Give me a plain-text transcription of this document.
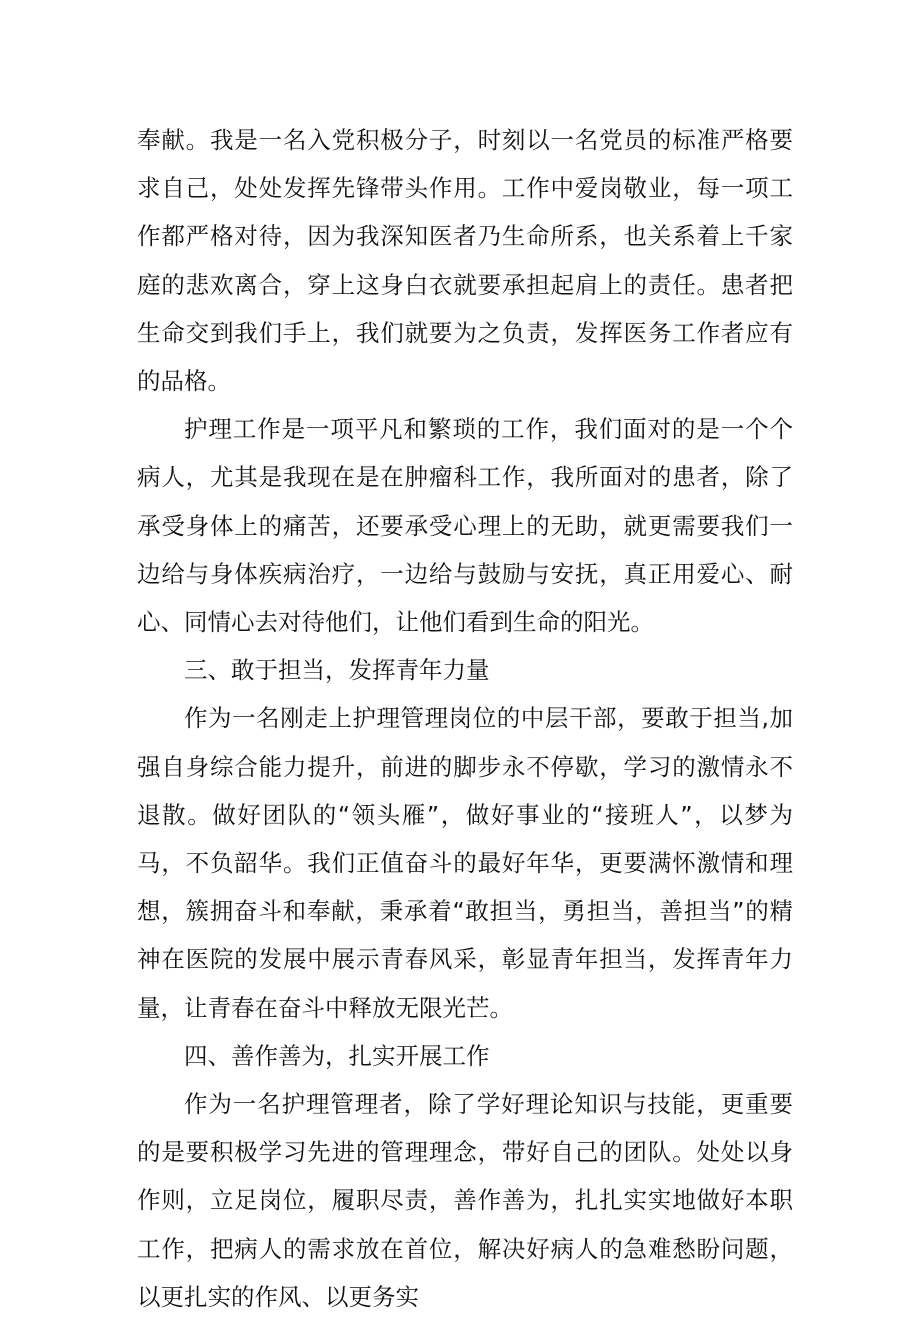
奉献。我是一名入党积极分子，时刻以一名党员的标准严格要求自己，处处发挥先锋带头作用。工作中爱岗敬业，每一项工作都严格对待，因为我深知医者乃生命所系，也关系着上千家庭的悲欢离合，穿上这身白衣就要承担起肩上的责任。患者把生命交到我们手上，我们就要为之负责，发挥医务工作者应有的品格。

护理工作是一项平凡和繁琐的工作，我们面对的是一个个病人，尤其是我现在是在肿瘤科工作，我所面对的患者，除了承受身体上的痛苦，还要承受心理上的无助，就更需要我们一边给与身体疾病治疗，一边给与鼓励与安抚，真正用爱心、耐心、同情心去对待他们，让他们看到生命的阳光。

三、敢于担当，发挥青年力量

作为一名刚走上护理管理岗位的中层干部，要敢于担当,加强自身综合能力提升，前进的脚步永不停歇，学习的激情永不退散。做好团队的“领头雁”，做好事业的“接班人”，以梦为马，不负韶华。我们正值奋斗的最好年华，更要满怀激情和理想，簇拥奋斗和奉献，秉承着“敢担当，勇担当，善担当”的精神在医院的发展中展示青春风采，彰显青年担当，发挥青年力量，让青春在奋斗中释放无限光芒。

四、善作善为，扎实开展工作

作为一名护理管理者，除了学好理论知识与技能，更重要的是要积极学习先进的管理理念，带好自己的团队。处处以身作则，立足岗位，履职尽责，善作善为，扎扎实实地做好本职工作，把病人的需求放在首位，解决好病人的急难愁盼问题，以更扎实的作风、以更务实
